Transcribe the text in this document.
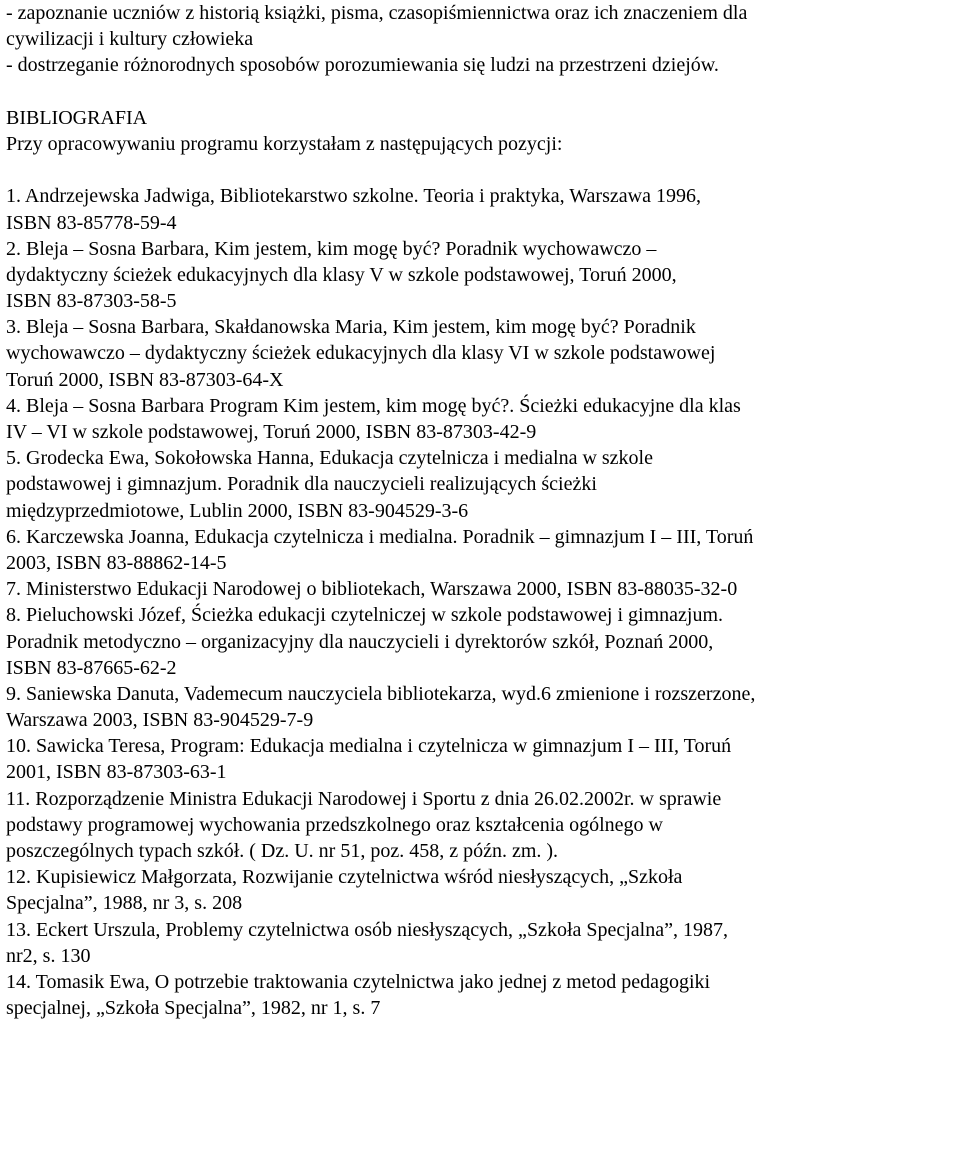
- zapoznanie uczniów z historią książki, pisma, czasopiśmiennictwa oraz ich znaczeniem dla

cywilizacji i kultury człowieka

- dostrzeganie różnorodnych sposobów porozumiewania się ludzi na przestrzeni dziejów.

BIBLIOGRAFIA

Przy opracowywaniu programu korzystałam z następujących pozycji:

1. Andrzejewska Jadwiga, Bibliotekarstwo szkolne. Teoria i praktyka, Warszawa 1996,

ISBN 83-85778-59-4

2. Bleja – Sosna Barbara, Kim jestem, kim mogę być? Poradnik wychowawczo –

dydaktyczny ścieżek edukacyjnych dla klasy V w szkole podstawowej, Toruń 2000,

ISBN 83-87303-58-5

3. Bleja – Sosna Barbara, Skałdanowska Maria, Kim jestem, kim mogę być? Poradnik

wychowawczo – dydaktyczny ścieżek edukacyjnych dla klasy VI w szkole podstawowej

Toruń 2000, ISBN 83-87303-64-X

4. Bleja – Sosna Barbara Program Kim jestem, kim mogę być?. Ścieżki edukacyjne dla klas

IV – VI w szkole podstawowej, Toruń 2000, ISBN 83-87303-42-9

5. Grodecka Ewa, Sokołowska Hanna, Edukacja czytelnicza i medialna w szkole

podstawowej i gimnazjum. Poradnik dla nauczycieli realizujących ścieżki

międzyprzedmiotowe, Lublin 2000, ISBN 83-904529-3-6

6. Karczewska Joanna, Edukacja czytelnicza i medialna. Poradnik – gimnazjum I – III, Toruń

2003, ISBN 83-88862-14-5

7. Ministerstwo Edukacji Narodowej o bibliotekach, Warszawa 2000, ISBN 83-88035-32-0

8. Pieluchowski Józef, Ścieżka edukacji czytelniczej w szkole podstawowej i gimnazjum.

Poradnik metodyczno – organizacyjny dla nauczycieli i dyrektorów szkół, Poznań 2000,

ISBN 83-87665-62-2

9. Saniewska Danuta, Vademecum nauczyciela bibliotekarza, wyd.6 zmienione i rozszerzone,

Warszawa 2003, ISBN 83-904529-7-9

10. Sawicka Teresa, Program: Edukacja medialna i czytelnicza w gimnazjum I – III, Toruń

2001, ISBN 83-87303-63-1

11. Rozporządzenie Ministra Edukacji Narodowej i Sportu z dnia 26.02.2002r. w sprawie

podstawy programowej wychowania przedszkolnego oraz kształcenia ogólnego w

poszczególnych typach szkół. ( Dz. U. nr 51, poz. 458, z późn. zm. ).

12. Kupisiewicz Małgorzata, Rozwijanie czytelnictwa wśród niesłyszących, „Szkoła

Specjalna”, 1988, nr 3, s. 208

13. Eckert Urszula, Problemy czytelnictwa osób niesłyszących, „Szkoła Specjalna”, 1987,

nr2, s. 130

14. Tomasik Ewa, O potrzebie traktowania czytelnictwa jako jednej z metod pedagogiki

specjalnej, „Szkoła Specjalna”, 1982, nr 1, s. 7
